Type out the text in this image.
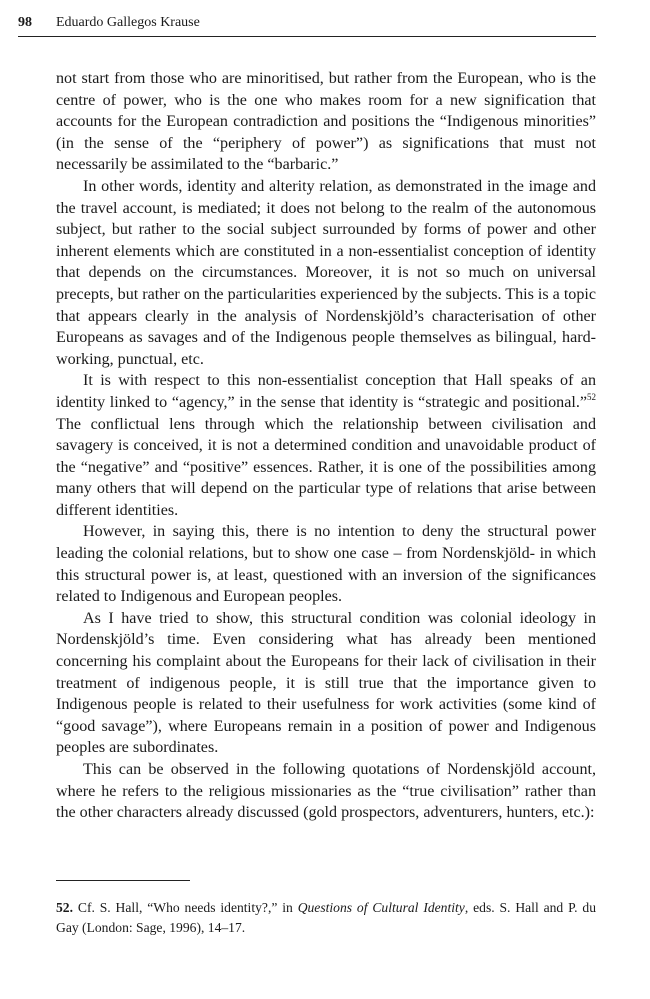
98 Eduardo Gallegos Krause

not start from those who are minoritised, but rather from the European, who is the centre of power, who is the one who makes room for a new signification that accounts for the European contradiction and positions the “Indigenous minorities” (in the sense of the “periphery of power”) as significations that must not necessarily be assimilated to the “barbaric.”

In other words, identity and alterity relation, as demonstrated in the image and the travel account, is mediated; it does not belong to the realm of the autonomous subject, but rather to the social subject surrounded by forms of power and other inherent elements which are constituted in a non-essentialist conception of identity that depends on the circumstances. Moreover, it is not so much on universal precepts, but rather on the particularities experienced by the subjects. This is a topic that appears clearly in the analysis of Nordenskjöld’s characterisation of other Europeans as savages and of the Indigenous people themselves as bilingual, hard-working, punctual, etc.

It is with respect to this non-essentialist conception that Hall speaks of an identity linked to “agency,” in the sense that identity is “strategic and positional.”$^{52}$ The conflictual lens through which the relationship between civilisation and savagery is conceived, it is not a determined condition and unavoidable product of the “negative” and “positive” essences. Rather, it is one of the possibilities among many others that will depend on the particular type of relations that arise between different identities.

However, in saying this, there is no intention to deny the structural power leading the colonial relations, but to show one case – from Nordenskjöld- in which this structural power is, at least, questioned with an inversion of the significances related to Indigenous and European peoples.

As I have tried to show, this structural condition was colonial ideology in Nordenskjöld’s time. Even considering what has already been mentioned concerning his complaint about the Europeans for their lack of civilisation in their treatment of indigenous people, it is still true that the importance given to Indigenous people is related to their usefulness for work activities (some kind of “good savage”), where Europeans remain in a position of power and Indigenous peoples are subordinates.

This can be observed in the following quotations of Nordenskjöld account, where he refers to the religious missionaries as the “true civilisation” rather than the other characters already discussed (gold prospectors, adventurers, hunters, etc.):

52. Cf. S. Hall, “Who needs identity?,” in Questions of Cultural Identity, eds. S. Hall and P. du Gay (London: Sage, 1996), 14–17.
